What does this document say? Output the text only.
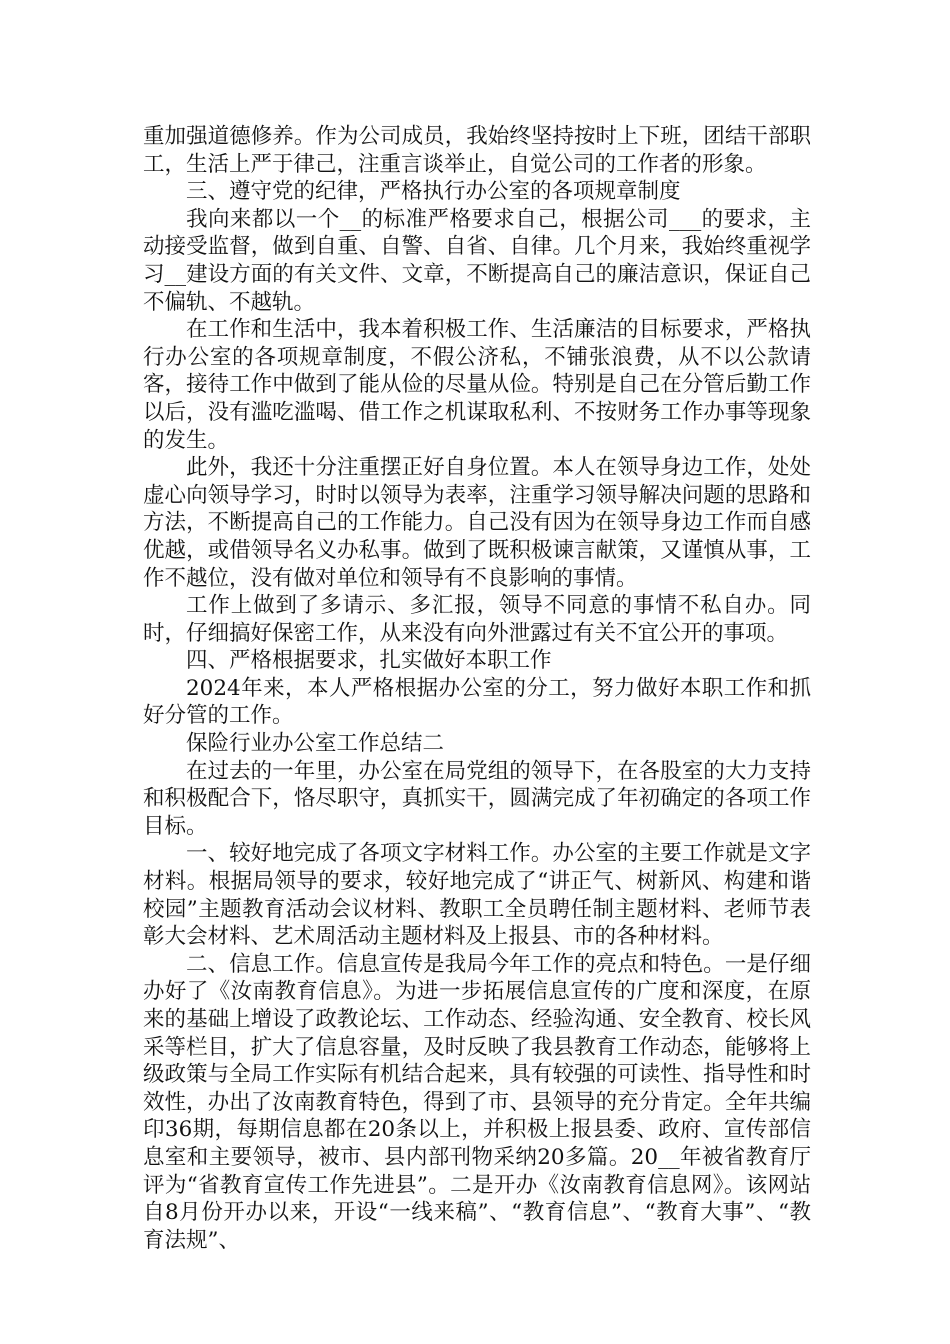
重加强道德修养。作为公司成员，我始终坚持按时上下班，团结干部职工，生活上严于律己，注重言谈举止，自觉公司的工作者的形象。

三、遵守党的纪律，严格执行办公室的各项规章制度

我向来都以一个__的标准严格要求自己，根据公司___的要求，主动接受监督，做到自重、自警、自省、自律。几个月来，我始终重视学习__建设方面的有关文件、文章，不断提高自己的廉洁意识，保证自己不偏轨、不越轨。

在工作和生活中，我本着积极工作、生活廉洁的目标要求，严格执行办公室的各项规章制度，不假公济私，不铺张浪费，从不以公款请客，接待工作中做到了能从俭的尽量从俭。特别是自己在分管后勤工作以后，没有滥吃滥喝、借工作之机谋取私利、不按财务工作办事等现象的发生。

此外，我还十分注重摆正好自身位置。本人在领导身边工作，处处虚心向领导学习，时时以领导为表率，注重学习领导解决问题的思路和方法，不断提高自己的工作能力。自己没有因为在领导身边工作而自感优越，或借领导名义办私事。做到了既积极谏言献策，又谨慎从事，工作不越位，没有做对单位和领导有不良影响的事情。

工作上做到了多请示、多汇报，领导不同意的事情不私自办。同时，仔细搞好保密工作，从来没有向外泄露过有关不宜公开的事项。

四、严格根据要求，扎实做好本职工作

2024年来，本人严格根据办公室的分工，努力做好本职工作和抓好分管的工作。

保险行业办公室工作总结二

在过去的一年里，办公室在局党组的领导下，在各股室的大力支持和积极配合下，恪尽职守，真抓实干，圆满完成了年初确定的各项工作目标。

一、较好地完成了各项文字材料工作。办公室的主要工作就是文字材料。根据局领导的要求，较好地完成了“讲正气、树新风、构建和谐校园”主题教育活动会议材料、教职工全员聘任制主题材料、老师节表彰大会材料、艺术周活动主题材料及上报县、市的各种材料。

二、信息工作。信息宣传是我局今年工作的亮点和特色。一是仔细办好了《汝南教育信息》。为进一步拓展信息宣传的广度和深度，在原来的基础上增设了政教论坛、工作动态、经验沟通、安全教育、校长风采等栏目，扩大了信息容量，及时反映了我县教育工作动态，能够将上级政策与全局工作实际有机结合起来，具有较强的可读性、指导性和时效性，办出了汝南教育特色，得到了市、县领导的充分肯定。全年共编印36期，每期信息都在20条以上，并积极上报县委、政府、宣传部信息室和主要领导，被市、县内部刊物采纳20多篇。20__年被省教育厅评为“省教育宣传工作先进县”。二是开办《汝南教育信息网》。该网站自8月份开办以来，开设“一线来稿”、“教育信息”、“教育大事”、“教育法规”、
